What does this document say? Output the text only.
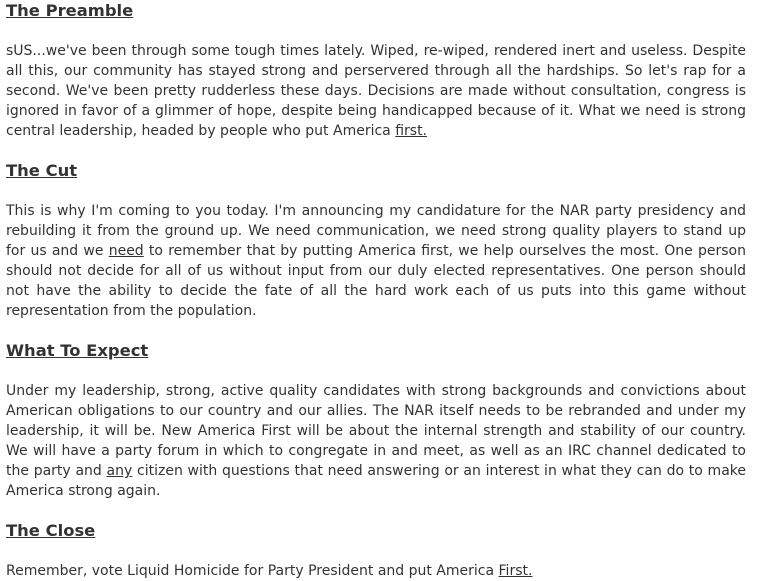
The Preamble

sUS...we've been through some tough times lately. Wiped, re-wiped, rendered inert and useless. Despite all this, our community has stayed strong and perservered through all the hardships. So let's rap for a second. We've been pretty rudderless these days. Decisions are made without consultation, congress is ignored in favor of a glimmer of hope, despite being handicapped because of it. What we need is strong central leadership, headed by people who put America first.

The Cut

This is why I'm coming to you today. I'm announcing my candidature for the NAR party presidency and rebuilding it from the ground up. We need communication, we need strong quality players to stand up for us and we need to remember that by putting America first, we help ourselves the most. One person should not decide for all of us without input from our duly elected representatives. One person should not have the ability to decide the fate of all the hard work each of us puts into this game without representation from the population.

What To Expect

Under my leadership, strong, active quality candidates with strong backgrounds and convictions about American obligations to our country and our allies. The NAR itself needs to be rebranded and under my leadership, it will be. New America First will be about the internal strength and stability of our country. We will have a party forum in which to congregate in and meet, as well as an IRC channel dedicated to the party and any citizen with questions that need answering or an interest in what they can do to make America strong again.

The Close

Remember, vote Liquid Homicide for Party President and put America First.
